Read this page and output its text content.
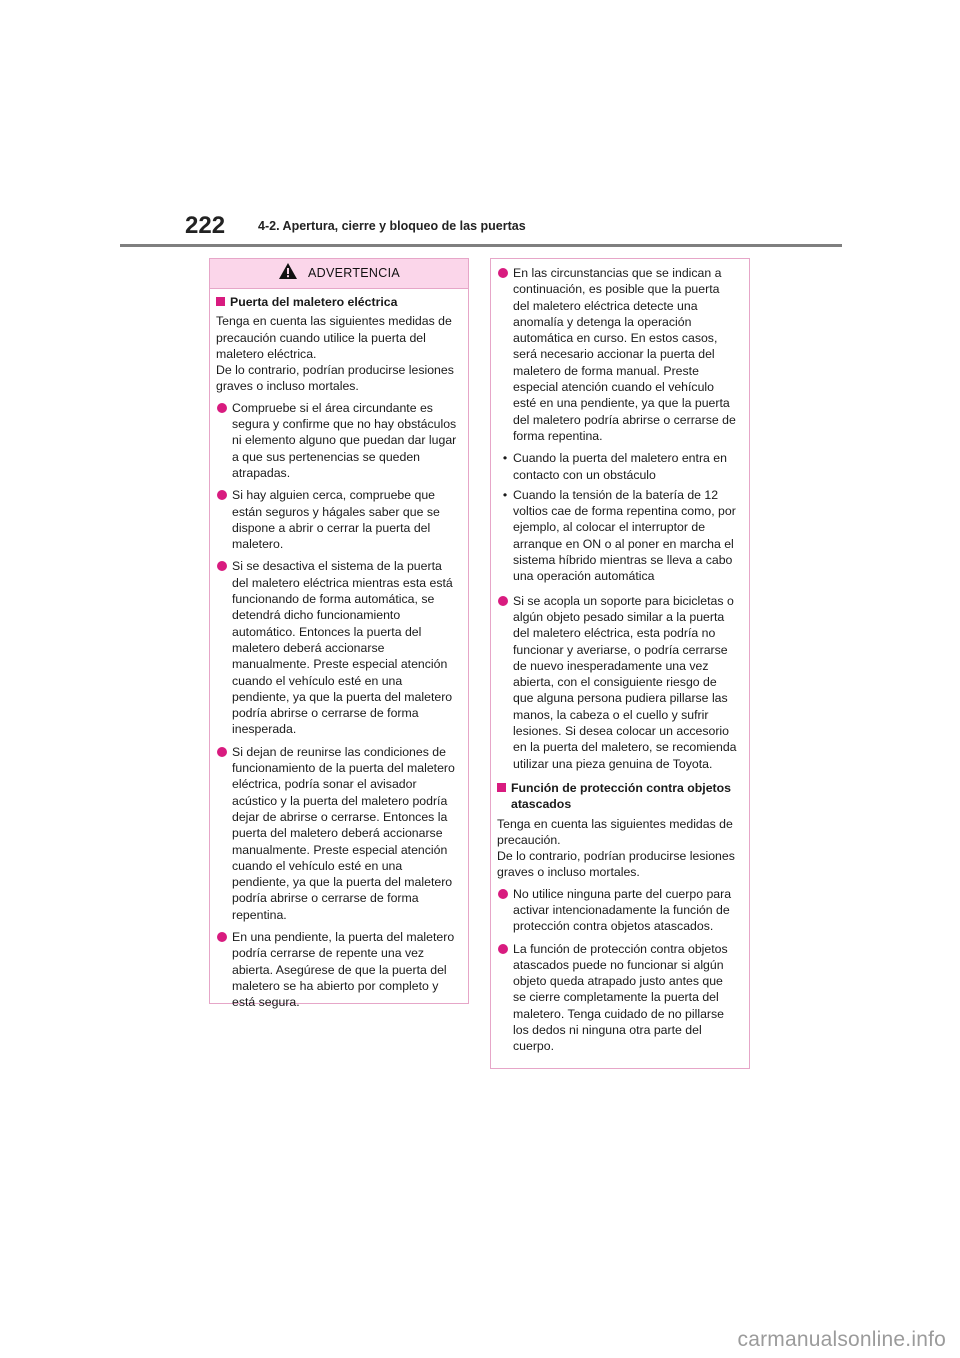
222	4-2. Apertura, cierre y bloqueo de las puertas
ADVERTENCIA
Puerta del maletero eléctrica
Tenga en cuenta las siguientes medidas de precaución cuando utilice la puerta del maletero eléctrica.
De lo contrario, podrían producirse lesiones graves o incluso mortales.
Compruebe si el área circundante es segura y confirme que no hay obstáculos ni elemento alguno que puedan dar lugar a que sus pertenencias se queden atrapadas.
Si hay alguien cerca, compruebe que están seguros y hágales saber que se dispone a abrir o cerrar la puerta del maletero.
Si se desactiva el sistema de la puerta del maletero eléctrica mientras esta está funcionando de forma automática, se detendrá dicho funcionamiento automático. Entonces la puerta del maletero deberá accionarse manualmente. Preste especial atención cuando el vehículo esté en una pendiente, ya que la puerta del maletero podría abrirse o cerrarse de forma inesperada.
Si dejan de reunirse las condiciones de funcionamiento de la puerta del maletero eléctrica, podría sonar el avisador acústico y la puerta del maletero podría dejar de abrirse o cerrarse. Entonces la puerta del maletero deberá accionarse manualmente. Preste especial atención cuando el vehículo esté en una pendiente, ya que la puerta del maletero podría abrirse o cerrarse de forma repentina.
En una pendiente, la puerta del maletero podría cerrarse de repente una vez abierta. Asegúrese de que la puerta del maletero se ha abierto por completo y está segura.
En las circunstancias que se indican a continuación, es posible que la puerta del maletero eléctrica detecte una anomalía y detenga la operación automática en curso. En estos casos, será necesario accionar la puerta del maletero de forma manual. Preste especial atención cuando el vehículo esté en una pendiente, ya que la puerta del maletero podría abrirse o cerrarse de forma repentina.
• Cuando la puerta del maletero entra en contacto con un obstáculo
• Cuando la tensión de la batería de 12 voltios cae de forma repentina como, por ejemplo, al colocar el interruptor de arranque en ON o al poner en marcha el sistema híbrido mientras se lleva a cabo una operación automática
Si se acopla un soporte para bicicletas o algún objeto pesado similar a la puerta del maletero eléctrica, esta podría no funcionar y averiarse, o podría cerrarse de nuevo inesperadamente una vez abierta, con el consiguiente riesgo de que alguna persona pudiera pillarse las manos, la cabeza o el cuello y sufrir lesiones. Si desea colocar un accesorio en la puerta del maletero, se recomienda utilizar una pieza genuina de Toyota.
Función de protección contra objetos atascados
Tenga en cuenta las siguientes medidas de precaución.
De lo contrario, podrían producirse lesiones graves o incluso mortales.
No utilice ninguna parte del cuerpo para activar intencionadamente la función de protección contra objetos atascados.
La función de protección contra objetos atascados puede no funcionar si algún objeto queda atrapado justo antes que se cierre completamente la puerta del maletero. Tenga cuidado de no pillarse los dedos ni ninguna otra parte del cuerpo.
carmanualsonline.info
